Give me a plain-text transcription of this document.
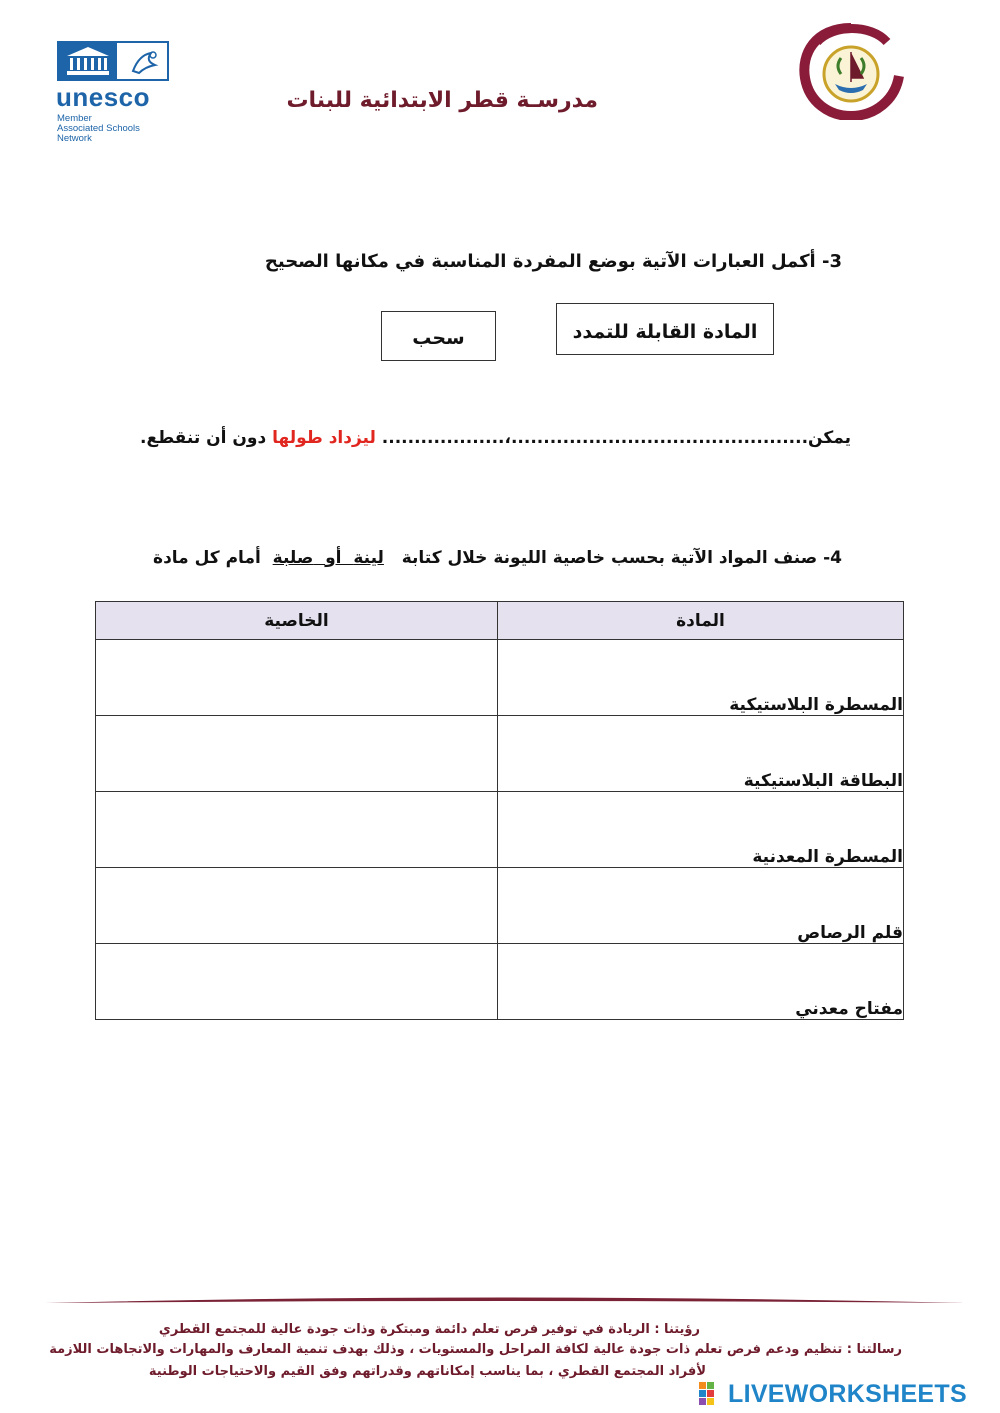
unesco
Member
Associated Schools
Network
مدرسـة قطر الابتدائية للبنات
3- أكمل العبارات الآتية بوضع المفردة المناسبة في مكانها الصحيح
سحب	المادة القابلة للتمدد
يمكن..............................................،................... ليزداد طولها دون أن تنقطع.
4- صنف المواد الآتية بحسب خاصية الليونة خلال كتابة   لينة  أو  صلبة  أمام كل مادة
الخاصية	المادة
	المسطرة البلاستيكية
	البطاقة البلاستيكية
	المسطرة المعدنية
	قلم الرصاص
	مفتاح معدني
رؤيتنا : الريادة في توفير فرص تعلم دائمة ومبتكرة وذات جودة عالية للمجتمع القطري
رسالتنا : تنظيم ودعم فرص تعلم ذات جودة عالية لكافة المراحل والمستويات ، وذلك بهدف تنمية المعارف والمهارات والاتجاهات اللازمة
لأفراد المجتمع القطري ، بما يناسب إمكاناتهم وقدراتهم وفق القيم والاحتياجات الوطنية
LIVEWORKSHEETS
